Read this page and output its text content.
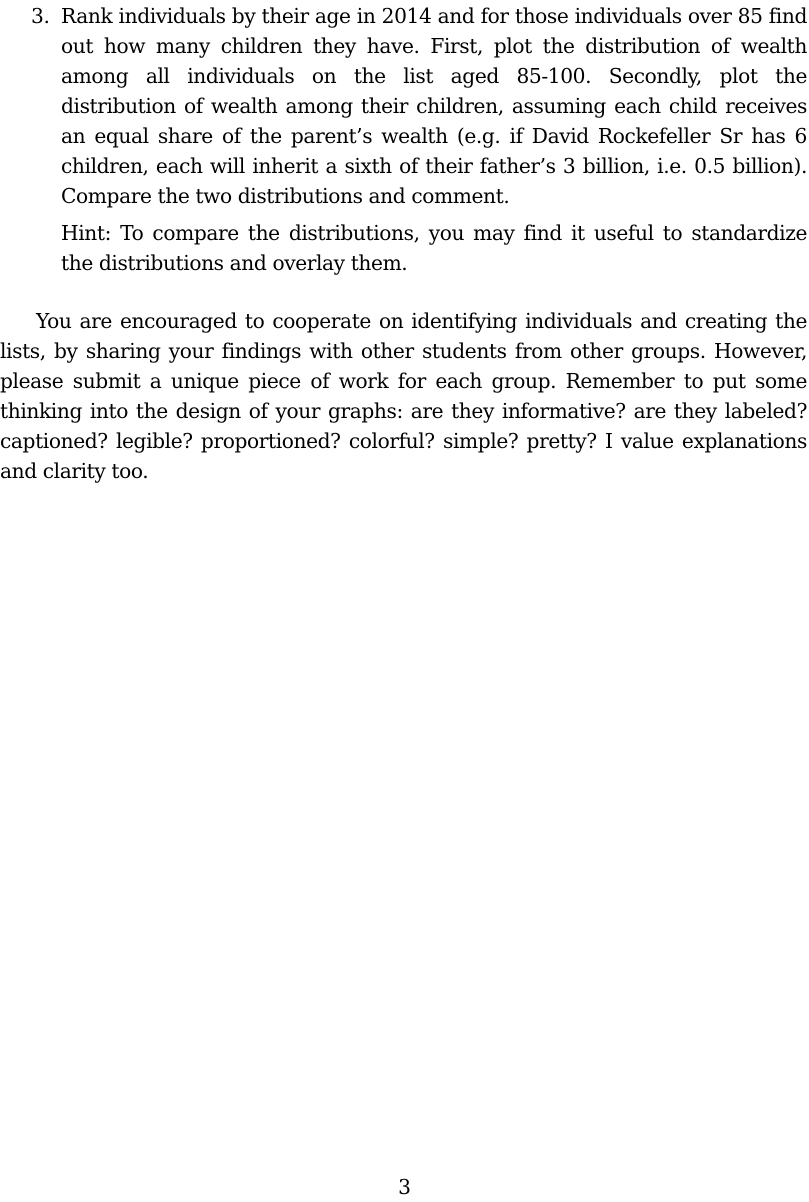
3. Rank individuals by their age in 2014 and for those individuals over 85 find out how many children they have. First, plot the distribution of wealth among all individuals on the list aged 85-100. Secondly, plot the distribution of wealth among their children, assuming each child receives an equal share of the parent’s wealth (e.g. if David Rockefeller Sr has 6 children, each will inherit a sixth of their father’s 3 billion, i.e. 0.5 billion). Compare the two distributions and comment.

Hint: To compare the distributions, you may find it useful to standardize the distributions and overlay them.

You are encouraged to cooperate on identifying individuals and creating the lists, by sharing your findings with other students from other groups. However, please submit a unique piece of work for each group. Remember to put some thinking into the design of your graphs: are they informative? are they labeled? captioned? legible? proportioned? colorful? simple? pretty? I value explanations and clarity too.

3
